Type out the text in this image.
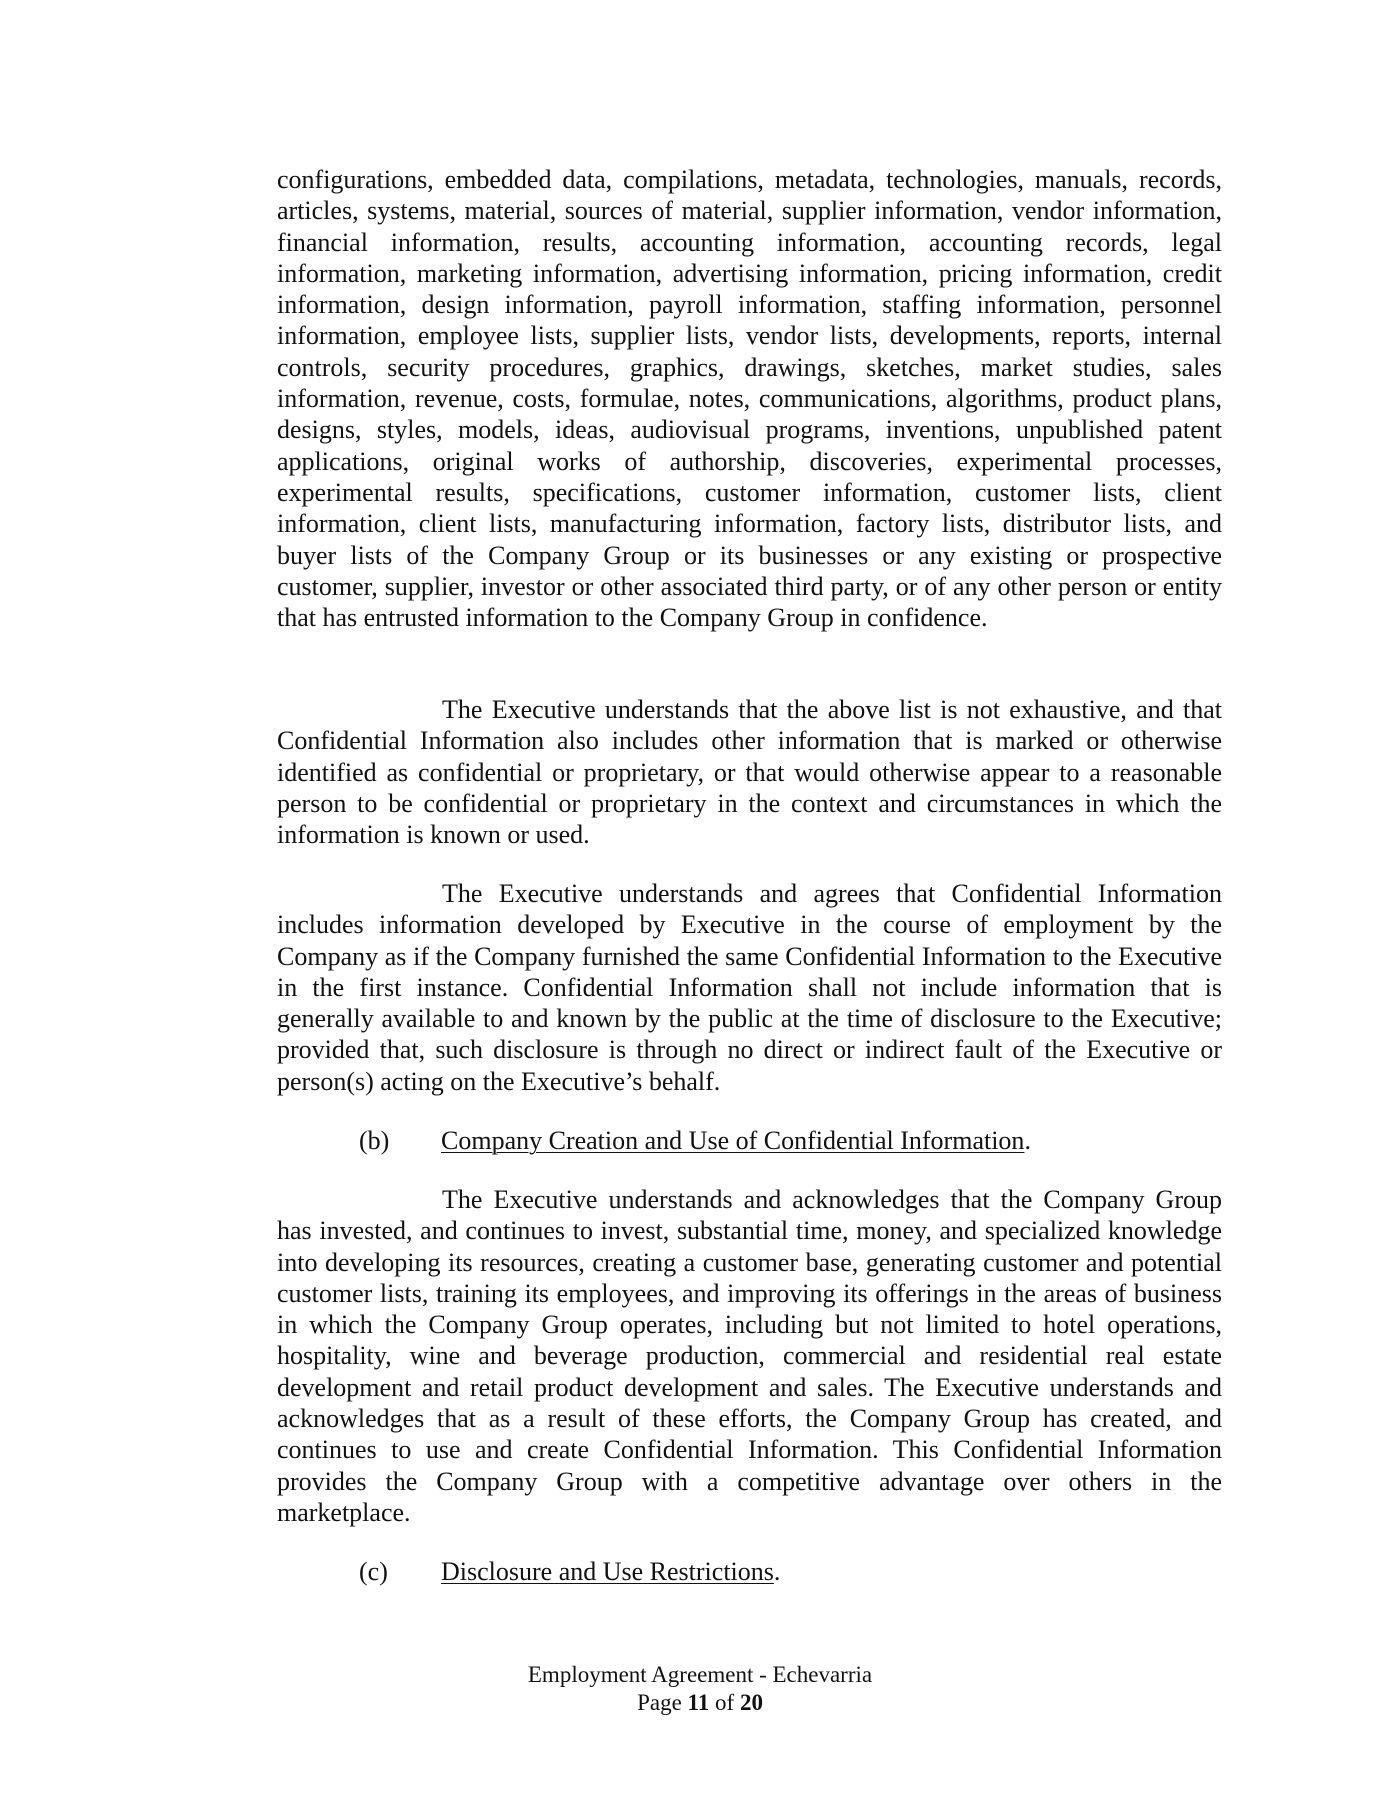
configurations, embedded data, compilations, metadata, technologies, manuals, records, articles, systems, material, sources of material, supplier information, vendor information, financial information, results, accounting information, accounting records, legal information, marketing information, advertising information, pricing information, credit information, design information, payroll information, staffing information, personnel information, employee lists, supplier lists, vendor lists, developments, reports, internal controls, security procedures, graphics, drawings, sketches, market studies, sales information, revenue, costs, formulae, notes, communications, algorithms, product plans, designs, styles, models, ideas, audiovisual programs, inventions, unpublished patent applications, original works of authorship, discoveries, experimental processes, experimental results, specifications, customer information, customer lists, client information, client lists, manufacturing information, factory lists, distributor lists, and buyer lists of the Company Group or its businesses or any existing or prospective customer, supplier, investor or other associated third party, or of any other person or entity that has entrusted information to the Company Group in confidence.

The Executive understands that the above list is not exhaustive, and that Confidential Information also includes other information that is marked or otherwise identified as confidential or proprietary, or that would otherwise appear to a reasonable person to be confidential or proprietary in the context and circumstances in which the information is known or used.

The Executive understands and agrees that Confidential Information includes information developed by Executive in the course of employment by the Company as if the Company furnished the same Confidential Information to the Executive in the first instance. Confidential Information shall not include information that is generally available to and known by the public at the time of disclosure to the Executive; provided that, such disclosure is through no direct or indirect fault of the Executive or person(s) acting on the Executive’s behalf.

(b) Company Creation and Use of Confidential Information.

The Executive understands and acknowledges that the Company Group has invested, and continues to invest, substantial time, money, and specialized knowledge into developing its resources, creating a customer base, generating customer and potential customer lists, training its employees, and improving its offerings in the areas of business in which the Company Group operates, including but not limited to hotel operations, hospitality, wine and beverage production, commercial and residential real estate development and retail product development and sales. The Executive understands and acknowledges that as a result of these efforts, the Company Group has created, and continues to use and create Confidential Information. This Confidential Information provides the Company Group with a competitive advantage over others in the marketplace.

(c) Disclosure and Use Restrictions.
Employment Agreement - Echevarria
Page 11 of 20
